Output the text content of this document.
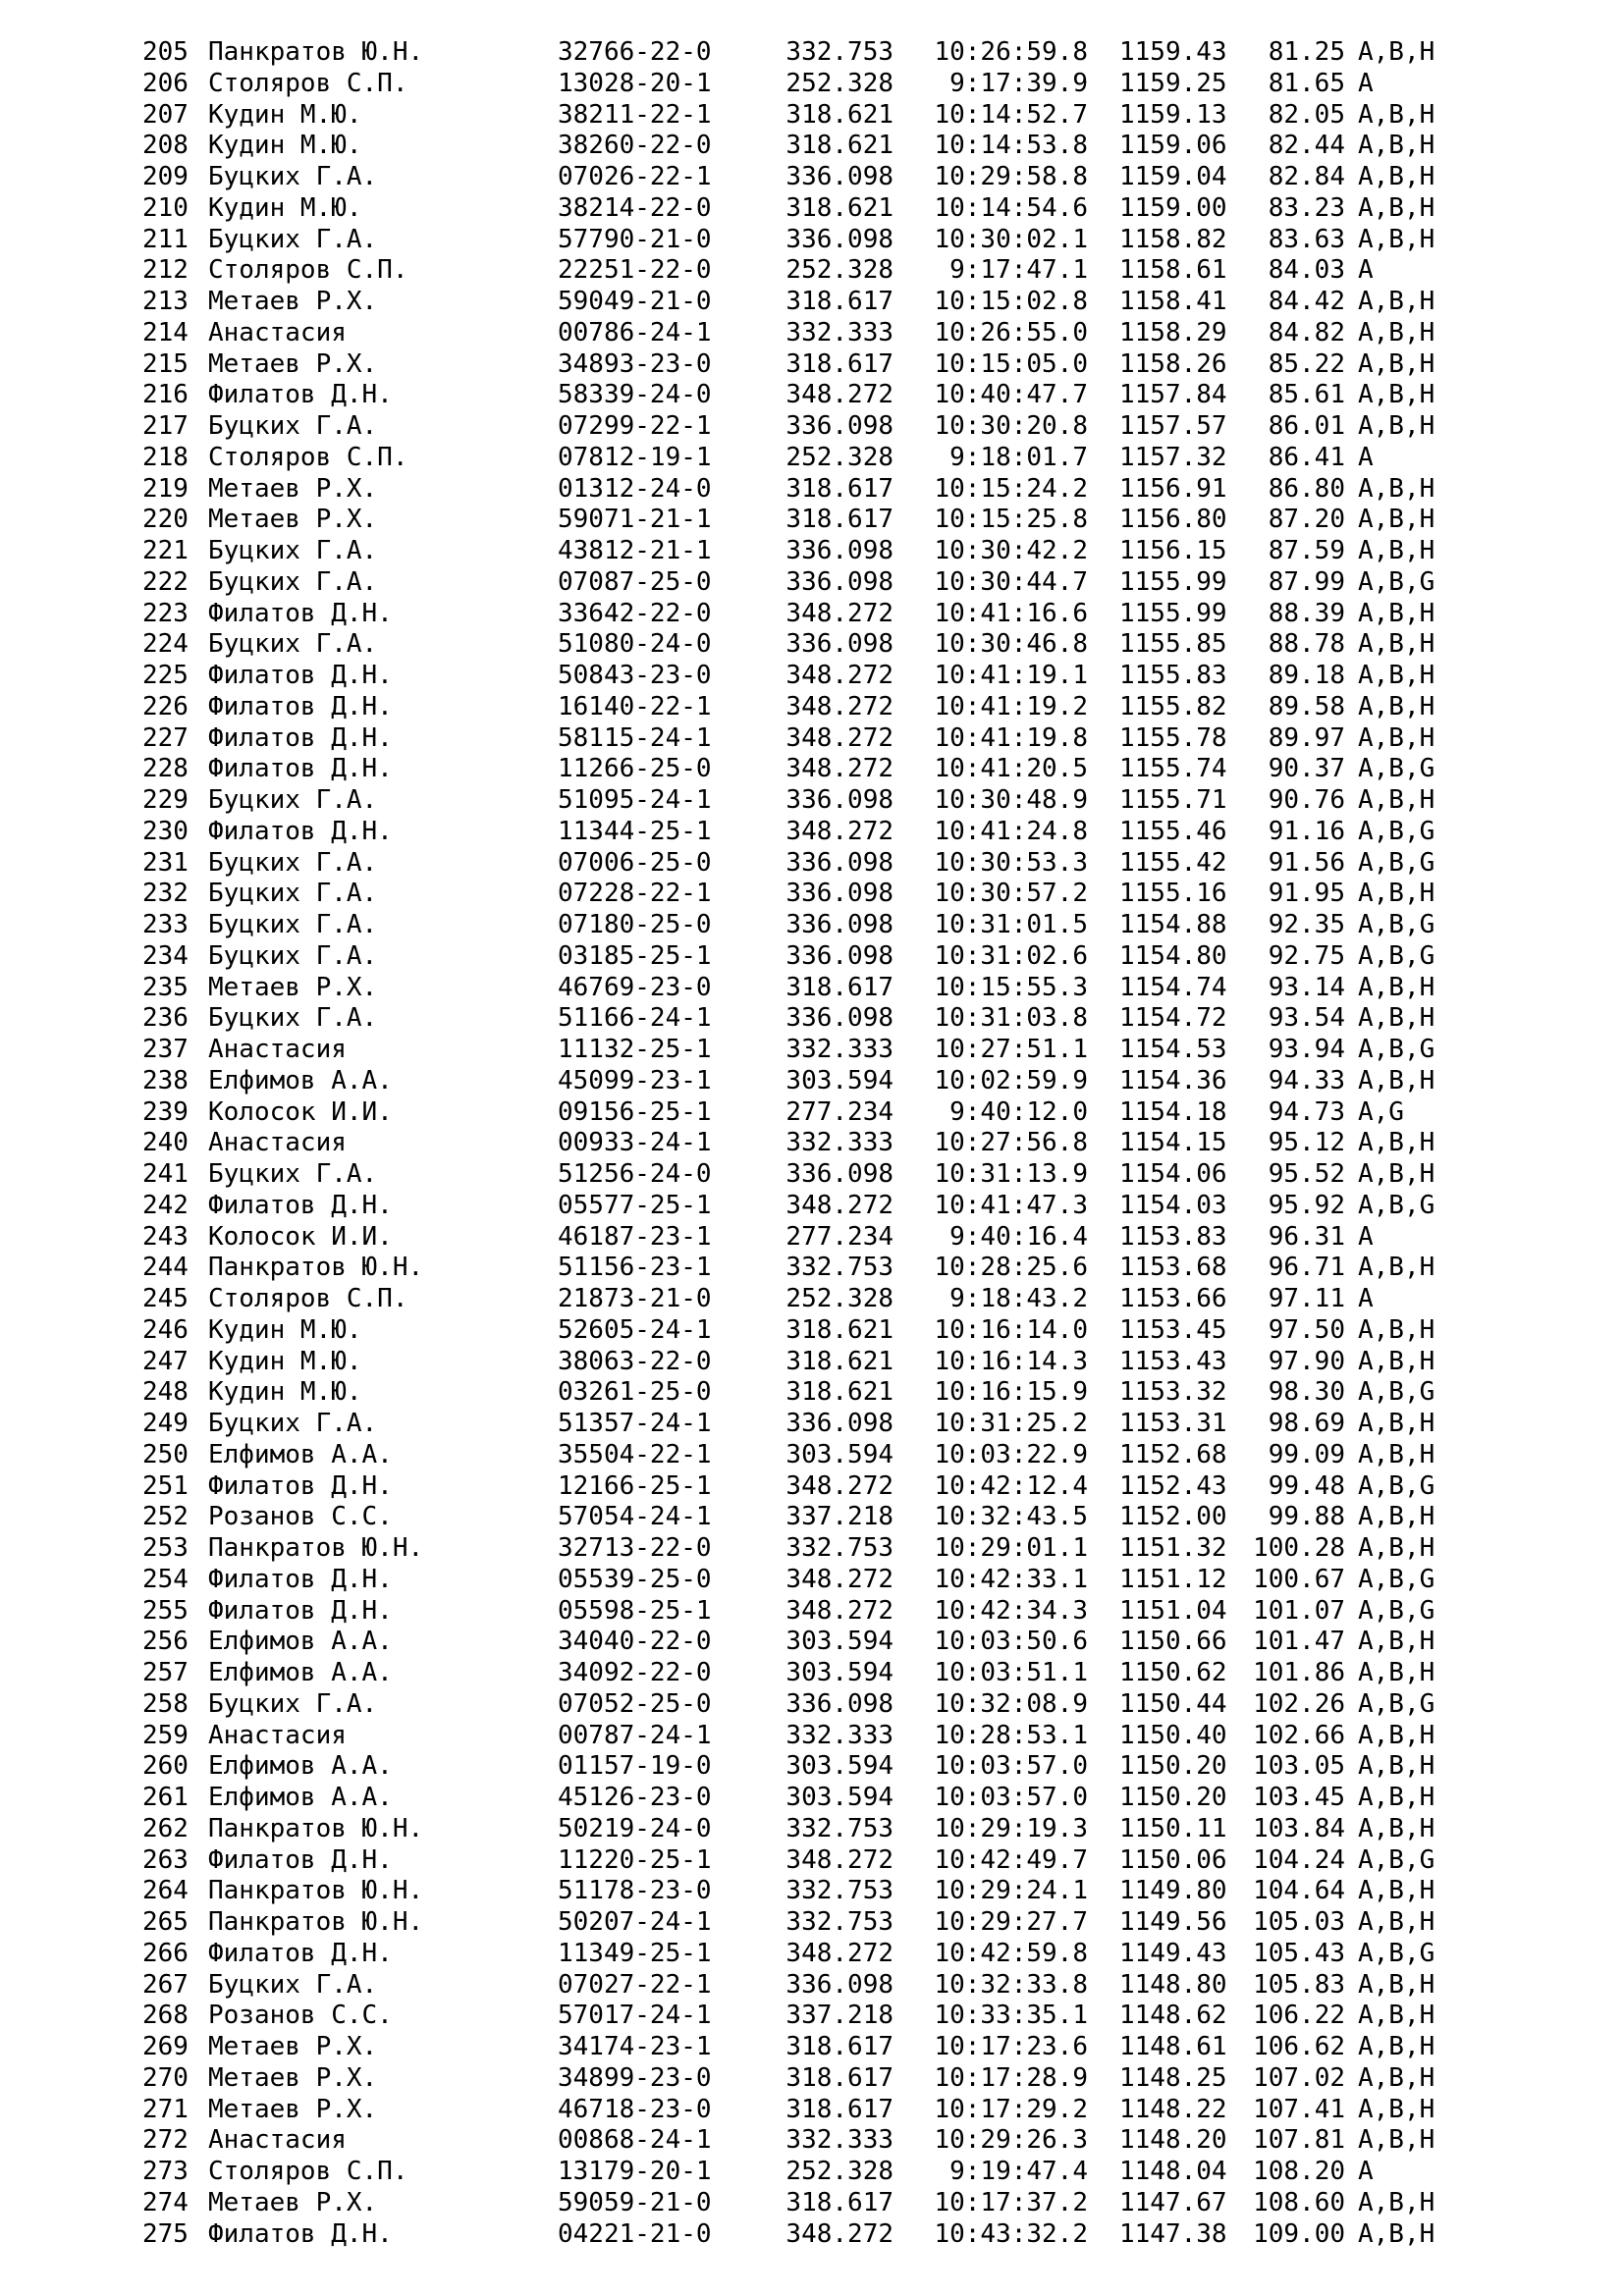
205 Панкратов Ю.Н.	32766-22-0	332.753	10:26:59.8 1159.43	81.25 A,B,H
206 Столяров С.П.	13028-20-1	252.328	9:17:39.9 1159.25	81.65 A
207 Кудин М.Ю.	38211-22-1	318.621	10:14:52.7 1159.13	82.05 A,B,H
208 Кудин М.Ю.	38260-22-0	318.621	10:14:53.8 1159.06	82.44 A,B,H
209 Буцких Г.А.	07026-22-1	336.098	10:29:58.8 1159.04	82.84 A,B,H
210 Кудин М.Ю.	38214-22-0	318.621	10:14:54.6 1159.00	83.23 A,B,H
211 Буцких Г.А.	57790-21-0	336.098	10:30:02.1 1158.82	83.63 A,B,H
212 Столяров С.П.	22251-22-0	252.328	9:17:47.1 1158.61	84.03 A
213 Метаев Р.Х.	59049-21-0	318.617	10:15:02.8 1158.41	84.42 A,B,H
214 Анастасия	00786-24-1	332.333	10:26:55.0 1158.29	84.82 A,B,H
215 Метаев Р.Х.	34893-23-0	318.617	10:15:05.0 1158.26	85.22 A,B,H
216 Филатов Д.Н.	58339-24-0	348.272	10:40:47.7 1157.84	85.61 A,B,H
217 Буцких Г.А.	07299-22-1	336.098	10:30:20.8 1157.57	86.01 A,B,H
218 Столяров С.П.	07812-19-1	252.328	9:18:01.7 1157.32	86.41 A
219 Метаев Р.Х.	01312-24-0	318.617	10:15:24.2 1156.91	86.80 A,B,H
220 Метаев Р.Х.	59071-21-1	318.617	10:15:25.8 1156.80	87.20 A,B,H
221 Буцких Г.А.	43812-21-1	336.098	10:30:42.2 1156.15	87.59 A,B,H
222 Буцких Г.А.	07087-25-0	336.098	10:30:44.7 1155.99	87.99 A,B,G
223 Филатов Д.Н.	33642-22-0	348.272	10:41:16.6 1155.99	88.39 A,B,H
224 Буцких Г.А.	51080-24-0	336.098	10:30:46.8 1155.85	88.78 A,B,H
225 Филатов Д.Н.	50843-23-0	348.272	10:41:19.1 1155.83	89.18 A,B,H
226 Филатов Д.Н.	16140-22-1	348.272	10:41:19.2 1155.82	89.58 A,B,H
227 Филатов Д.Н.	58115-24-1	348.272	10:41:19.8 1155.78	89.97 A,B,H
228 Филатов Д.Н.	11266-25-0	348.272	10:41:20.5 1155.74	90.37 A,B,G
229 Буцких Г.А.	51095-24-1	336.098	10:30:48.9 1155.71	90.76 A,B,H
230 Филатов Д.Н.	11344-25-1	348.272	10:41:24.8 1155.46	91.16 A,B,G
231 Буцких Г.А.	07006-25-0	336.098	10:30:53.3 1155.42	91.56 A,B,G
232 Буцких Г.А.	07228-22-1	336.098	10:30:57.2 1155.16	91.95 A,B,H
233 Буцких Г.А.	07180-25-0	336.098	10:31:01.5 1154.88	92.35 A,B,G
234 Буцких Г.А.	03185-25-1	336.098	10:31:02.6 1154.80	92.75 A,B,G
235 Метаев Р.Х.	46769-23-0	318.617	10:15:55.3 1154.74	93.14 A,B,H
236 Буцких Г.А.	51166-24-1	336.098	10:31:03.8 1154.72	93.54 A,B,H
237 Анастасия	11132-25-1	332.333	10:27:51.1 1154.53	93.94 A,B,G
238 Елфимов А.А.	45099-23-1	303.594	10:02:59.9 1154.36	94.33 A,B,H
239 Колосок И.И.	09156-25-1	277.234	9:40:12.0 1154.18	94.73 A,G
240 Анастасия	00933-24-1	332.333	10:27:56.8 1154.15	95.12 A,B,H
241 Буцких Г.А.	51256-24-0	336.098	10:31:13.9 1154.06	95.52 A,B,H
242 Филатов Д.Н.	05577-25-1	348.272	10:41:47.3 1154.03	95.92 A,B,G
243 Колосок И.И.	46187-23-1	277.234	9:40:16.4 1153.83	96.31 A
244 Панкратов Ю.Н.	51156-23-1	332.753	10:28:25.6 1153.68	96.71 A,B,H
245 Столяров С.П.	21873-21-0	252.328	9:18:43.2 1153.66	97.11 A
246 Кудин М.Ю.	52605-24-1	318.621	10:16:14.0 1153.45	97.50 A,B,H
247 Кудин М.Ю.	38063-22-0	318.621	10:16:14.3 1153.43	97.90 A,B,H
248 Кудин М.Ю.	03261-25-0	318.621	10:16:15.9 1153.32	98.30 A,B,G
249 Буцких Г.А.	51357-24-1	336.098	10:31:25.2 1153.31	98.69 A,B,H
250 Елфимов А.А.	35504-22-1	303.594	10:03:22.9 1152.68	99.09 A,B,H
251 Филатов Д.Н.	12166-25-1	348.272	10:42:12.4 1152.43	99.48 A,B,G
252 Розанов С.С.	57054-24-1	337.218	10:32:43.5 1152.00	99.88 A,B,H
253 Панкратов Ю.Н.	32713-22-0	332.753	10:29:01.1 1151.32 100.28 A,B,H
254 Филатов Д.Н.	05539-25-0	348.272	10:42:33.1 1151.12 100.67 A,B,G
255 Филатов Д.Н.	05598-25-1	348.272	10:42:34.3 1151.04 101.07 A,B,G
256 Елфимов А.А.	34040-22-0	303.594	10:03:50.6 1150.66 101.47 A,B,H
257 Елфимов А.А.	34092-22-0	303.594	10:03:51.1 1150.62 101.86 A,B,H
258 Буцких Г.А.	07052-25-0	336.098	10:32:08.9 1150.44 102.26 A,B,G
259 Анастасия	00787-24-1	332.333	10:28:53.1 1150.40 102.66 A,B,H
260 Елфимов А.А.	01157-19-0	303.594	10:03:57.0 1150.20 103.05 A,B,H
261 Елфимов А.А.	45126-23-0	303.594	10:03:57.0 1150.20 103.45 A,B,H
262 Панкратов Ю.Н.	50219-24-0	332.753	10:29:19.3 1150.11 103.84 A,B,H
263 Филатов Д.Н.	11220-25-1	348.272	10:42:49.7 1150.06 104.24 A,B,G
264 Панкратов Ю.Н.	51178-23-0	332.753	10:29:24.1 1149.80 104.64 A,B,H
265 Панкратов Ю.Н.	50207-24-1	332.753	10:29:27.7 1149.56 105.03 A,B,H
266 Филатов Д.Н.	11349-25-1	348.272	10:42:59.8 1149.43 105.43 A,B,G
267 Буцких Г.А.	07027-22-1	336.098	10:32:33.8 1148.80 105.83 A,B,H
268 Розанов С.С.	57017-24-1	337.218	10:33:35.1 1148.62 106.22 A,B,H
269 Метаев Р.Х.	34174-23-1	318.617	10:17:23.6 1148.61 106.62 A,B,H
270 Метаев Р.Х.	34899-23-0	318.617	10:17:28.9 1148.25 107.02 A,B,H
271 Метаев Р.Х.	46718-23-0	318.617	10:17:29.2 1148.22 107.41 A,B,H
272 Анастасия	00868-24-1	332.333	10:29:26.3 1148.20 107.81 A,B,H
273 Столяров С.П.	13179-20-1	252.328	9:19:47.4 1148.04 108.20 A
274 Метаев Р.Х.	59059-21-0	318.617	10:17:37.2 1147.67 108.60 A,B,H
275 Филатов Д.Н.	04221-21-0	348.272	10:43:32.2 1147.38 109.00 A,B,H
